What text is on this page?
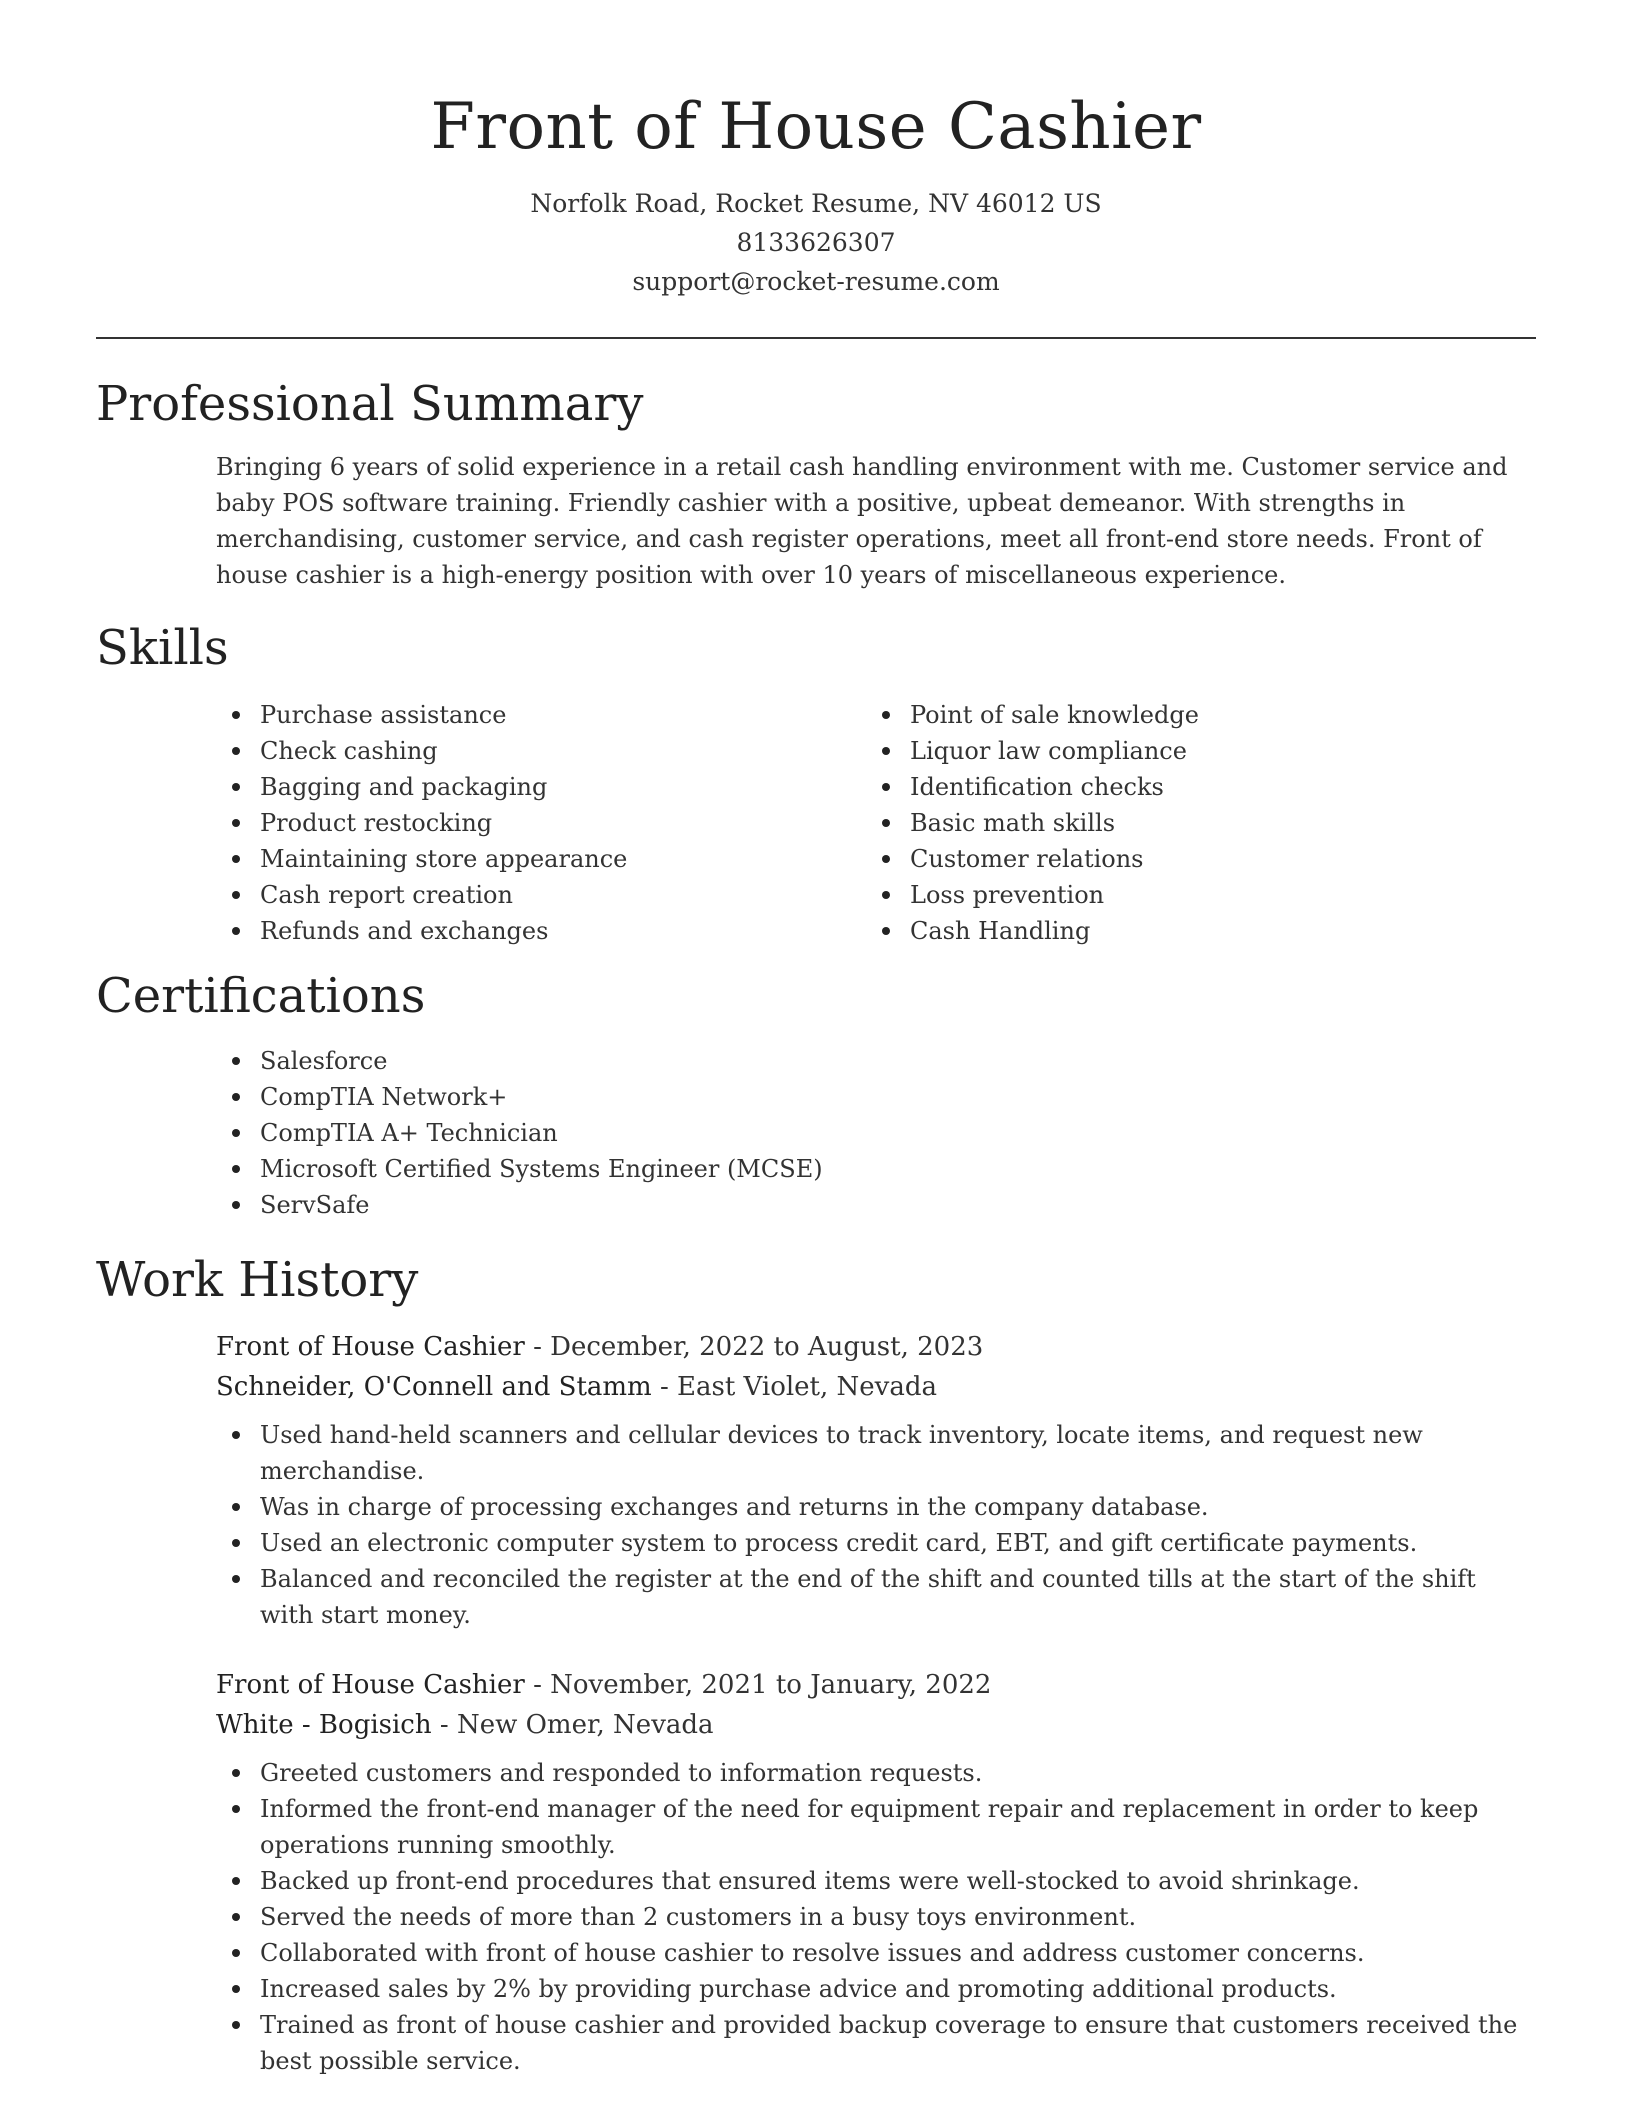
Front of House Cashier
Norfolk Road, Rocket Resume, NV 46012 US
8133626307
support@rocket-resume.com
Professional Summary

Bringing 6 years of solid experience in a retail cash handling environment with me. Customer service and baby POS software training. Friendly cashier with a positive, upbeat demeanor. With strengths in merchandising, customer service, and cash register operations, meet all front-end store needs. Front of house cashier is a high-energy position with over 10 years of miscellaneous experience.

Skills
Purchase assistance
Check cashing
Bagging and packaging
Product restocking
Maintaining store appearance
Cash report creation
Refunds and exchanges
Point of sale knowledge
Liquor law compliance
Identification checks
Basic math skills
Customer relations
Loss prevention
Cash Handling
Certifications
Salesforce
CompTIA Network+
CompTIA A+ Technician
Microsoft Certified Systems Engineer (MCSE)
ServSafe
Work History
Front of House Cashier - December, 2022 to August, 2023
Schneider, O'Connell and Stamm - East Violet, Nevada
Used hand-held scanners and cellular devices to track inventory, locate items, and request new merchandise.
Was in charge of processing exchanges and returns in the company database.
Used an electronic computer system to process credit card, EBT, and gift certificate payments.
Balanced and reconciled the register at the end of the shift and counted tills at the start of the shift with start money.
Front of House Cashier - November, 2021 to January, 2022
White - Bogisich - New Omer, Nevada
Greeted customers and responded to information requests.
Informed the front-end manager of the need for equipment repair and replacement in order to keep operations running smoothly.
Backed up front-end procedures that ensured items were well-stocked to avoid shrinkage.
Served the needs of more than 2 customers in a busy toys environment.
Collaborated with front of house cashier to resolve issues and address customer concerns.
Increased sales by 2% by providing purchase advice and promoting additional products.
Trained as front of house cashier and provided backup coverage to ensure that customers received the best possible service.
